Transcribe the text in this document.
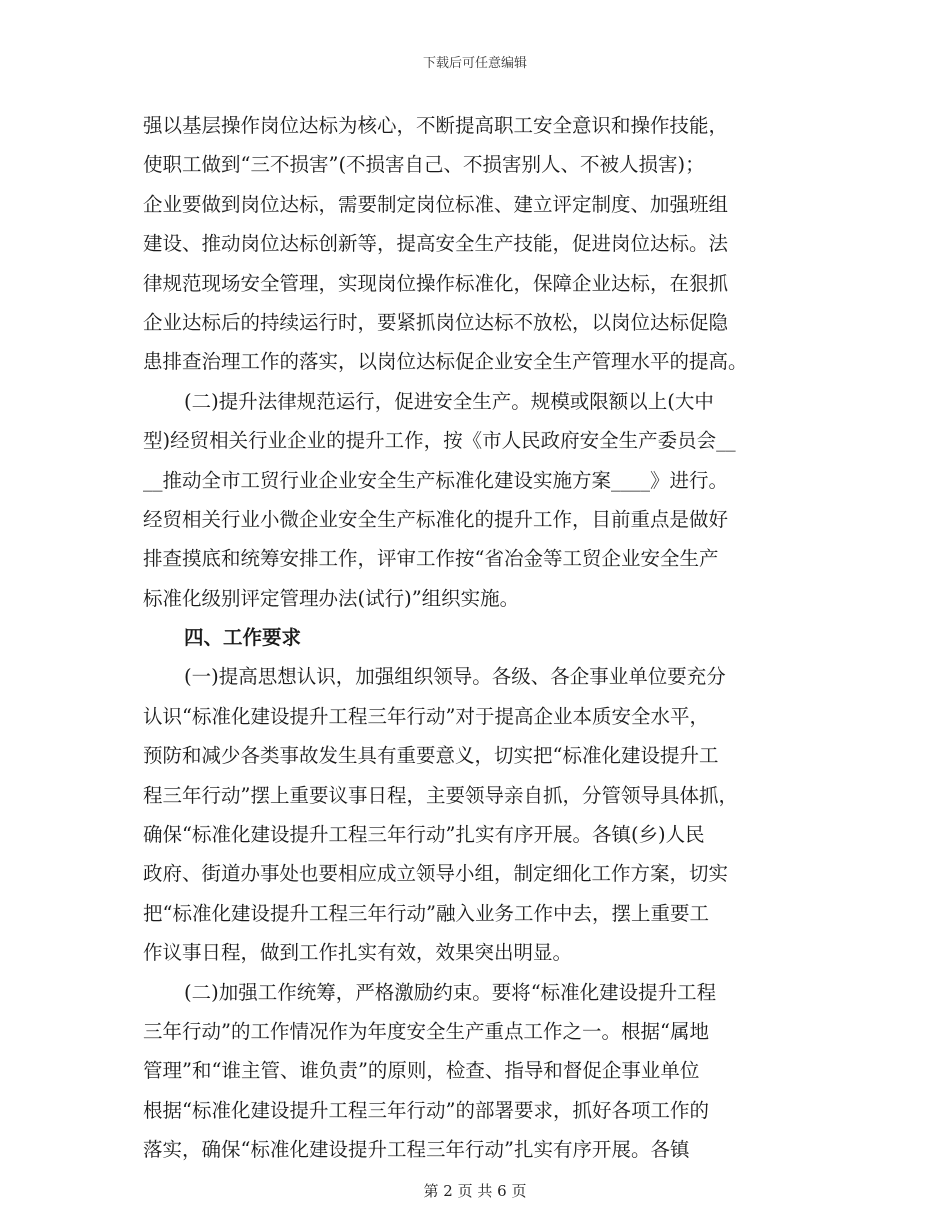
下载后可任意编辑
强以基层操作岗位达标为核心，不断提高职工安全意识和操作技能，
使职工做到“三不损害”(不损害自己、不损害别人、不被人损害)；
企业要做到岗位达标，需要制定岗位标准、建立评定制度、加强班组
建设、推动岗位达标创新等，提高安全生产技能，促进岗位达标。法
律规范现场安全管理，实现岗位操作标准化，保障企业达标，在狠抓
企业达标后的持续运行时，要紧抓岗位达标不放松，以岗位达标促隐
患排查治理工作的落实，以岗位达标促企业安全生产管理水平的提高。
(二)提升法律规范运行，促进安全生产。规模或限额以上(大中
型)经贸相关行业企业的提升工作，按《市人民政府安全生产委员会__
__推动全市工贸行业企业安全生产标准化建设实施方案____》进行。
经贸相关行业小微企业安全生产标准化的提升工作，目前重点是做好
排查摸底和统筹安排工作，评审工作按“省冶金等工贸企业安全生产
标准化级别评定管理办法(试行)”组织实施。
四、工作要求
(一)提高思想认识，加强组织领导。各级、各企事业单位要充分
认识“标准化建设提升工程三年行动”对于提高企业本质安全水平，
预防和减少各类事故发生具有重要意义，切实把“标准化建设提升工
程三年行动”摆上重要议事日程，主要领导亲自抓，分管领导具体抓，
确保“标准化建设提升工程三年行动”扎实有序开展。各镇(乡)人民
政府、街道办事处也要相应成立领导小组，制定细化工作方案，切实
把“标准化建设提升工程三年行动”融入业务工作中去，摆上重要工
作议事日程，做到工作扎实有效，效果突出明显。
(二)加强工作统筹，严格激励约束。要将“标准化建设提升工程
三年行动”的工作情况作为年度安全生产重点工作之一。根据“属地
管理”和“谁主管、谁负责”的原则，检查、指导和督促企事业单位
根据“标准化建设提升工程三年行动”的部署要求，抓好各项工作的
落实，确保“标准化建设提升工程三年行动”扎实有序开展。各镇
第 2 页 共 6 页
